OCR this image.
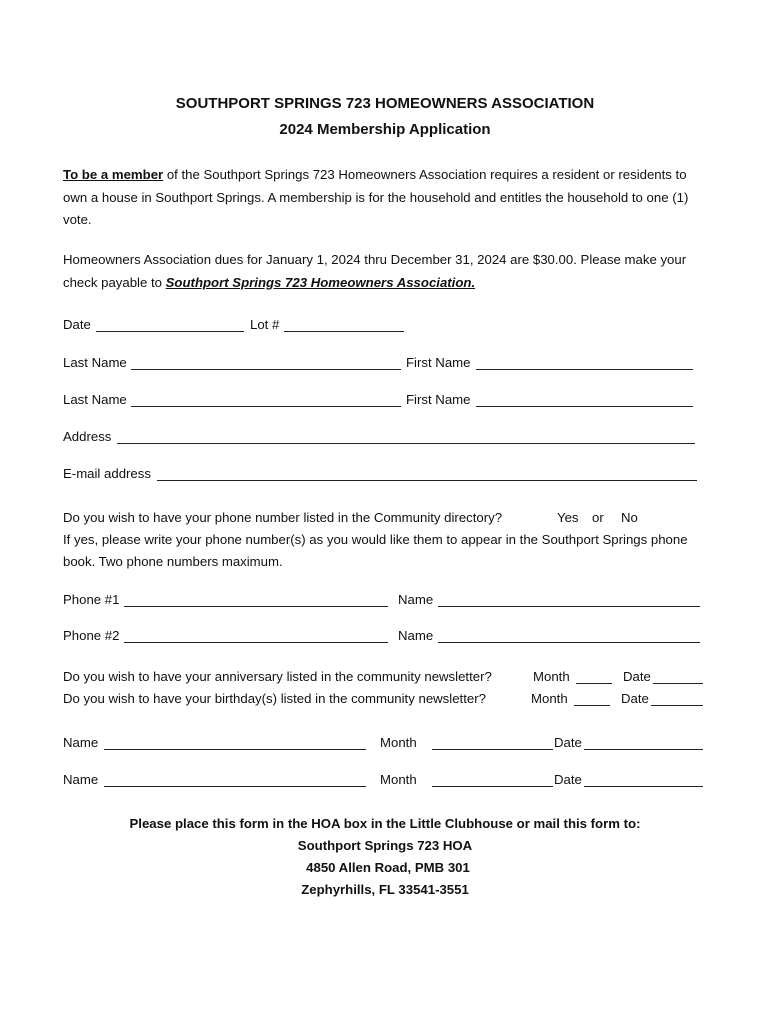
SOUTHPORT SPRINGS 723 HOMEOWNERS ASSOCIATION
2024 Membership Application
To be a member of the Southport Springs 723 Homeowners Association requires a resident or residents to own a house in Southport Springs. A membership is for the household and entitles the household to one (1) vote.
Homeowners Association dues for January 1, 2024 thru December 31, 2024 are $30.00. Please make your check payable to Southport Springs 723 Homeowners Association.
Date	Lot #
Last Name	First Name
Last Name	First Name
Address
E-mail address
Do you wish to have your phone number listed in the Community directory?	Yes or No
If yes, please write your phone number(s) as you would like them to appear in the Southport Springs phone book. Two phone numbers maximum.
Phone #1	Name
Phone #2	Name
Do you wish to have your anniversary listed in the community newsletter?	Month	Date
Do you wish to have your birthday(s) listed in the community newsletter?	Month	Date
Name	Month	Date
Name	Month	Date
Please place this form in the HOA box in the Little Clubhouse or mail this form to:
Southport Springs 723 HOA
4850 Allen Road, PMB 301
Zephyrhills, FL 33541-3551
